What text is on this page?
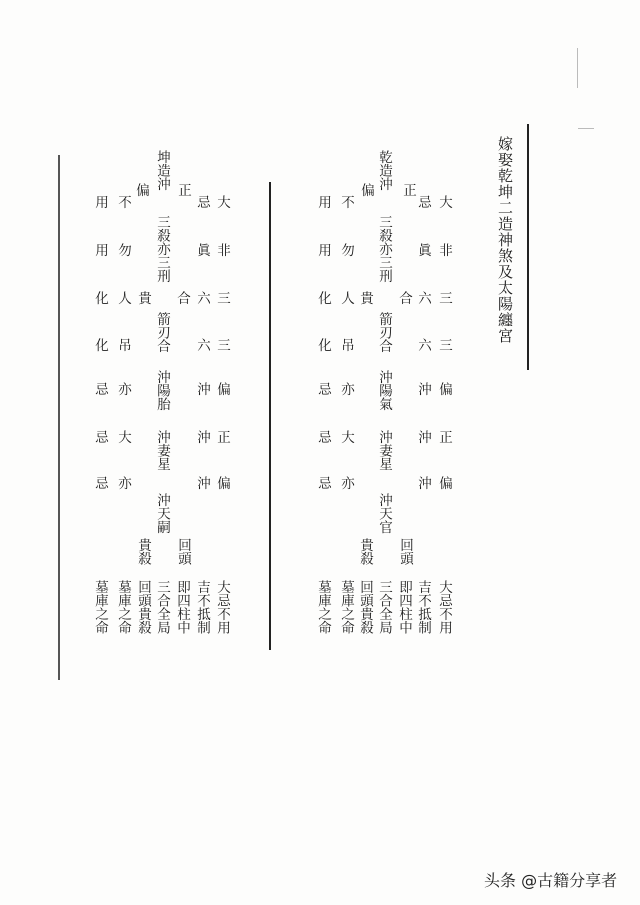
嫁娶乾坤二造神煞及太陽纏宮
正
偏
大
非
三
三
偏
正
偏
大忌不用
忌
眞
六
六
沖
沖
沖
回頭
吉不抵制
合
即四柱中
乾造沖
三殺亦三刑
箭刃合
沖陽氣
沖妻星
沖天官
三合全局
貴
貴殺
回頭貴殺
不
勿
人
吊
亦
大
亦
墓庫之命
用
用
化
化
忌
忌
忌
墓庫之命
正
偏
大
非
三
三
偏
正
偏
大忌不用
忌
眞
六
六
沖
沖
沖
回頭
吉不抵制
合
即四柱中
坤造沖
三殺亦三刑
箭刃合
沖陽胎
沖妻星
沖天嗣
三合全局
貴
貴殺
回頭貴殺
不
勿
人
吊
亦
大
亦
墓庫之命
用
用
化
化
忌
忌
忌
墓庫之命
头条 @古籍分享者
